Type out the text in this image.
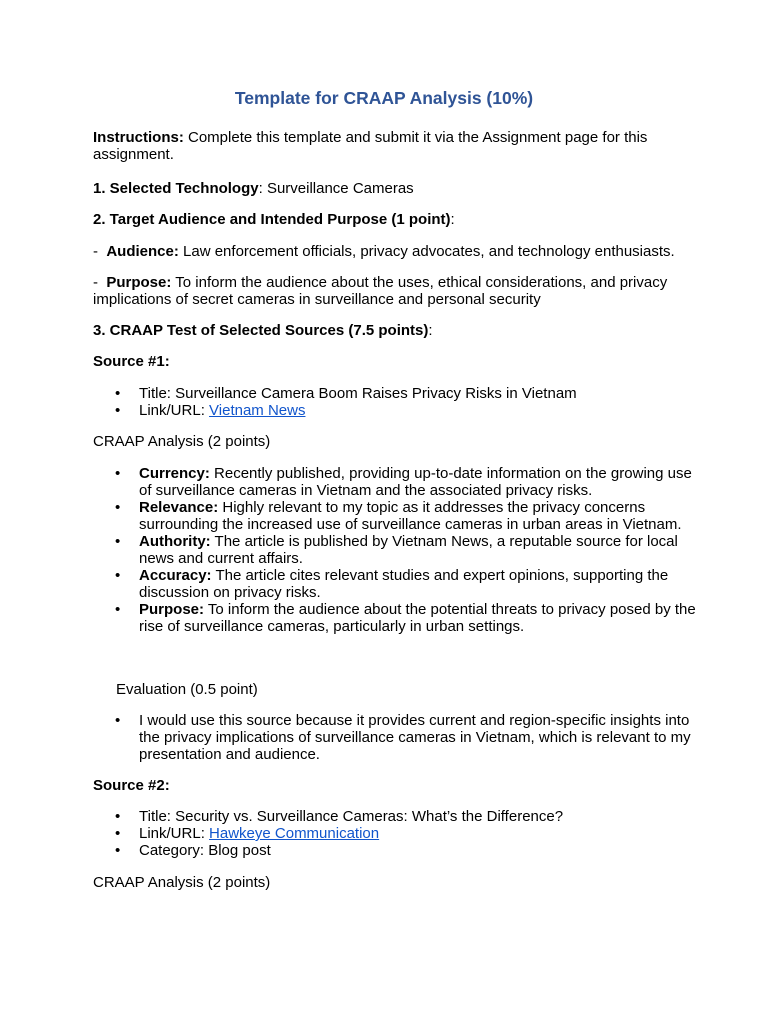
Template for CRAAP Analysis (10%)

Instructions: Complete this template and submit it via the Assignment page for this assignment.

1. Selected Technology: Surveillance Cameras

2. Target Audience and Intended Purpose (1 point):

-  Audience: Law enforcement officials, privacy advocates, and technology enthusiasts.

-  Purpose: To inform the audience about the uses, ethical considerations, and privacy implications of secret cameras in surveillance and personal security

3. CRAAP Test of Selected Sources (7.5 points):

Source #1:

• Title: Surveillance Camera Boom Raises Privacy Risks in Vietnam
• Link/URL: Vietnam News

CRAAP Analysis (2 points)

• Currency: Recently published, providing up-to-date information on the growing use of surveillance cameras in Vietnam and the associated privacy risks.
• Relevance: Highly relevant to my topic as it addresses the privacy concerns surrounding the increased use of surveillance cameras in urban areas in Vietnam.
• Authority: The article is published by Vietnam News, a reputable source for local news and current affairs.
• Accuracy: The article cites relevant studies and expert opinions, supporting the discussion on privacy risks.
• Purpose: To inform the audience about the potential threats to privacy posed by the rise of surveillance cameras, particularly in urban settings.

Evaluation (0.5 point)

• I would use this source because it provides current and region-specific insights into the privacy implications of surveillance cameras in Vietnam, which is relevant to my presentation and audience.

Source #2:

• Title: Security vs. Surveillance Cameras: What’s the Difference?
• Link/URL: Hawkeye Communication
• Category: Blog post

CRAAP Analysis (2 points)
